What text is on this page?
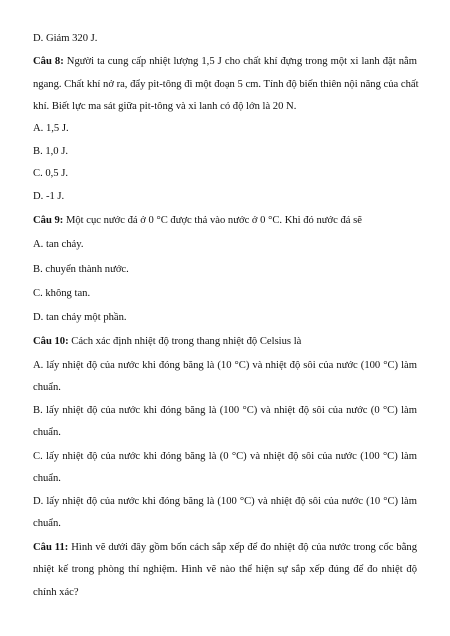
D. Giảm 320 J.
Câu 8: Người ta cung cấp nhiệt lượng 1,5 J cho chất khí đựng trong một xi lanh đặt nằm
ngang. Chất khí nở ra, đẩy pit-tông đi một đoạn 5 cm. Tính độ biến thiên nội năng của chất
khí. Biết lực ma sát giữa pit-tông và xi lanh có độ lớn là 20 N.
A. 1,5 J.
B. 1,0 J.
C. 0,5 J.
D. -1 J.
Câu 9: Một cục nước đá ở 0 °C được thả vào nước ở 0 °C. Khi đó nước đá sẽ
A. tan chảy.
B. chuyển thành nước.
C. không tan.
D. tan chảy một phần.
Câu 10: Cách xác định nhiệt độ trong thang nhiệt độ Celsius là
A. lấy nhiệt độ của nước khi đóng băng là (10 °C) và nhiệt độ sôi của nước (100 °C) làm
chuẩn.
B. lấy nhiệt độ của nước khi đóng băng là (100 °C) và nhiệt độ sôi của nước (0 °C) làm
chuẩn.
C. lấy nhiệt độ của nước khi đóng băng là (0 °C) và nhiệt độ sôi của nước (100 °C) làm
chuẩn.
D. lấy nhiệt độ của nước khi đóng băng là (100 °C) và nhiệt độ sôi của nước (10 °C) làm
chuẩn.
Câu 11: Hình vẽ dưới đây gồm bốn cách sắp xếp để đo nhiệt độ của nước trong cốc bằng
nhiệt kế trong phòng thí nghiệm. Hình vẽ nào thể hiện sự sắp xếp đúng để đo nhiệt độ
chính xác?
